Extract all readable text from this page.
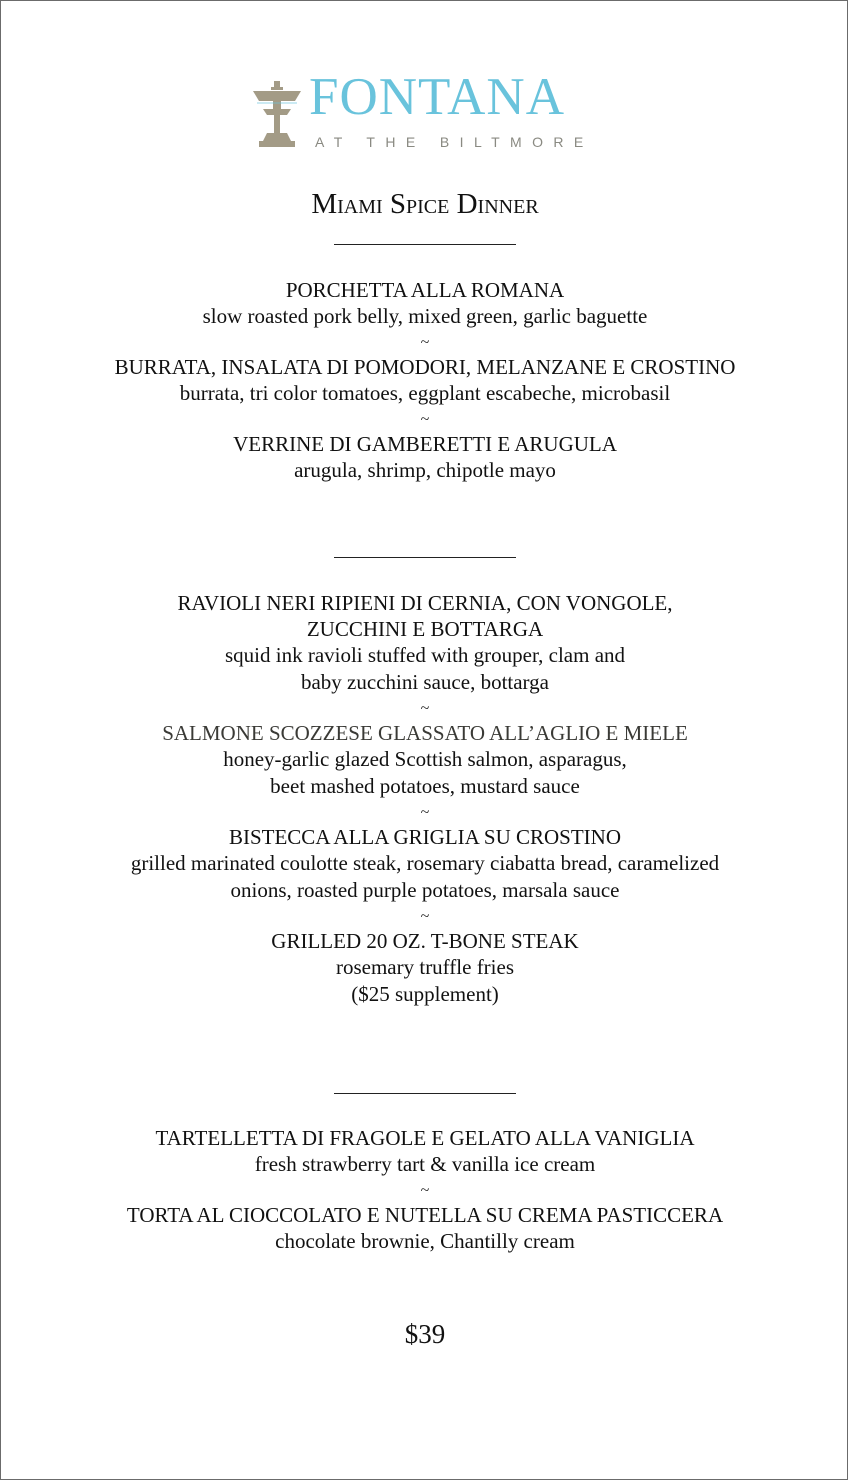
FONTANA
AT THE BILTMORE
Miami Spice Dinner

PORCHETTA ALLA ROMANA

slow roasted pork belly, mixed green, garlic baguette

~

BURRATA, INSALATA DI POMODORI, MELANZANE E CROSTINO

burrata, tri color tomatoes, eggplant escabeche, microbasil

~

VERRINE DI GAMBERETTI E ARUGULA

arugula, shrimp, chipotle mayo

RAVIOLI NERI RIPIENI DI CERNIA, CON VONGOLE,

ZUCCHINI E BOTTARGA

squid ink ravioli stuffed with grouper, clam and

baby zucchini sauce, bottarga

~

SALMONE SCOZZESE GLASSATO ALL’AGLIO E MIELE

honey-garlic glazed Scottish salmon, asparagus,

beet mashed potatoes, mustard sauce

~

BISTECCA ALLA GRIGLIA SU CROSTINO

grilled marinated coulotte steak, rosemary ciabatta bread, caramelized

onions, roasted purple potatoes, marsala sauce

~

GRILLED 20 OZ. T-BONE STEAK

rosemary truffle fries

($25 supplement)

TARTELLETTA DI FRAGOLE E GELATO ALLA VANIGLIA

fresh strawberry tart & vanilla ice cream

~

TORTA AL CIOCCOLATO E NUTELLA SU CREMA PASTICCERA

chocolate brownie, Chantilly cream

$39
